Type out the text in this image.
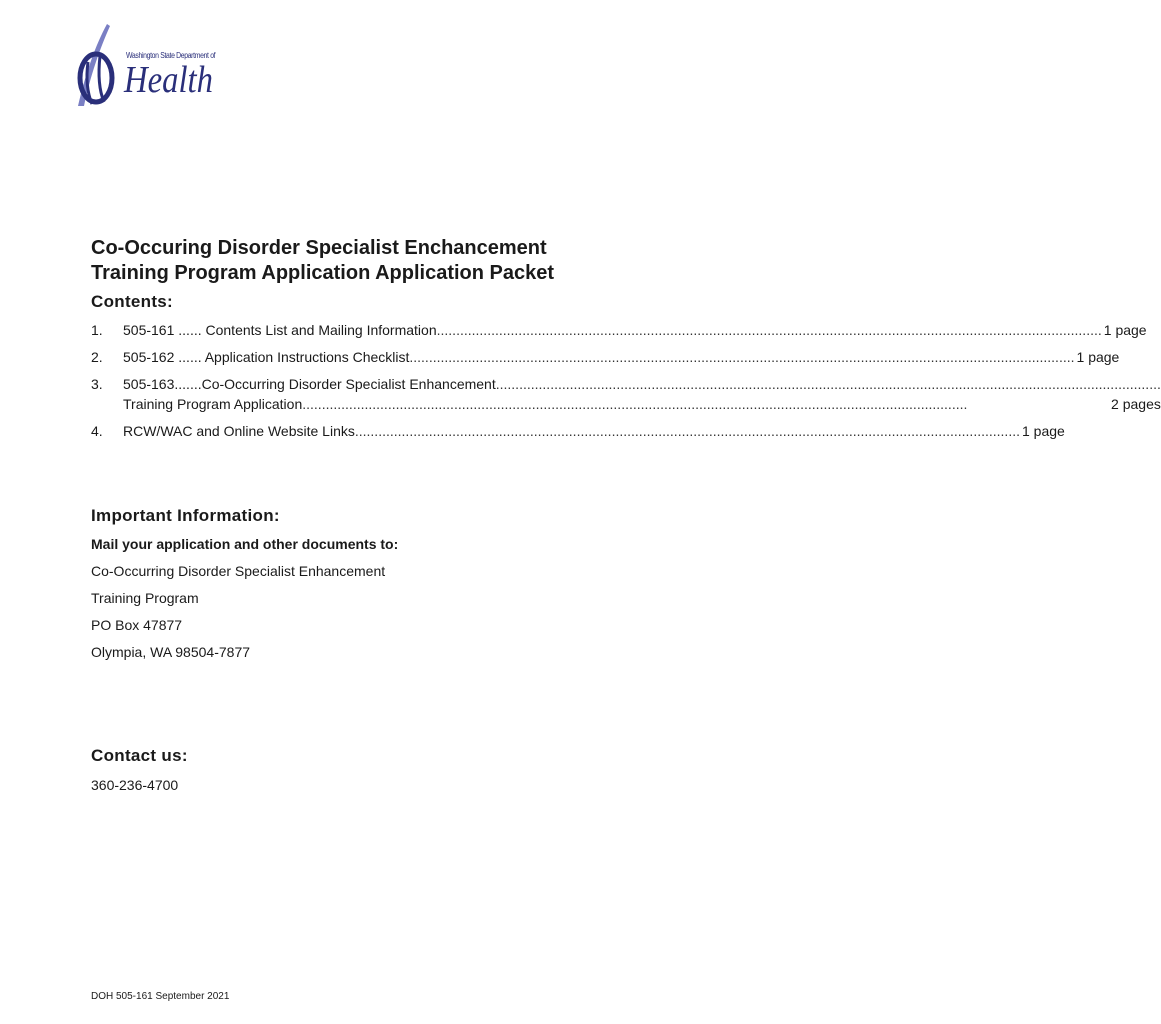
Washington State Department of
Health
Co-Occuring Disorder Specialist Enchancement
Training Program Application Application Packet
Contents:
1.	505-161 ...... Contents List and Mailing Information .....	1 page
2.	505-162 ...... Application Instructions Checklist .....	1 page
3.	505-163.......Co-Occurring Disorder Specialist Enhancement
.....
Training Program Application .....	2 pages
4.	RCW/WAC and Online Website Links .....	1 page
Important Information:

Mail your application and other documents to:

Co-Occurring Disorder Specialist Enhancement

Training Program

PO Box 47877

Olympia, WA 98504-7877

Contact us:

360-236-4700

DOH 505-161 September 2021
